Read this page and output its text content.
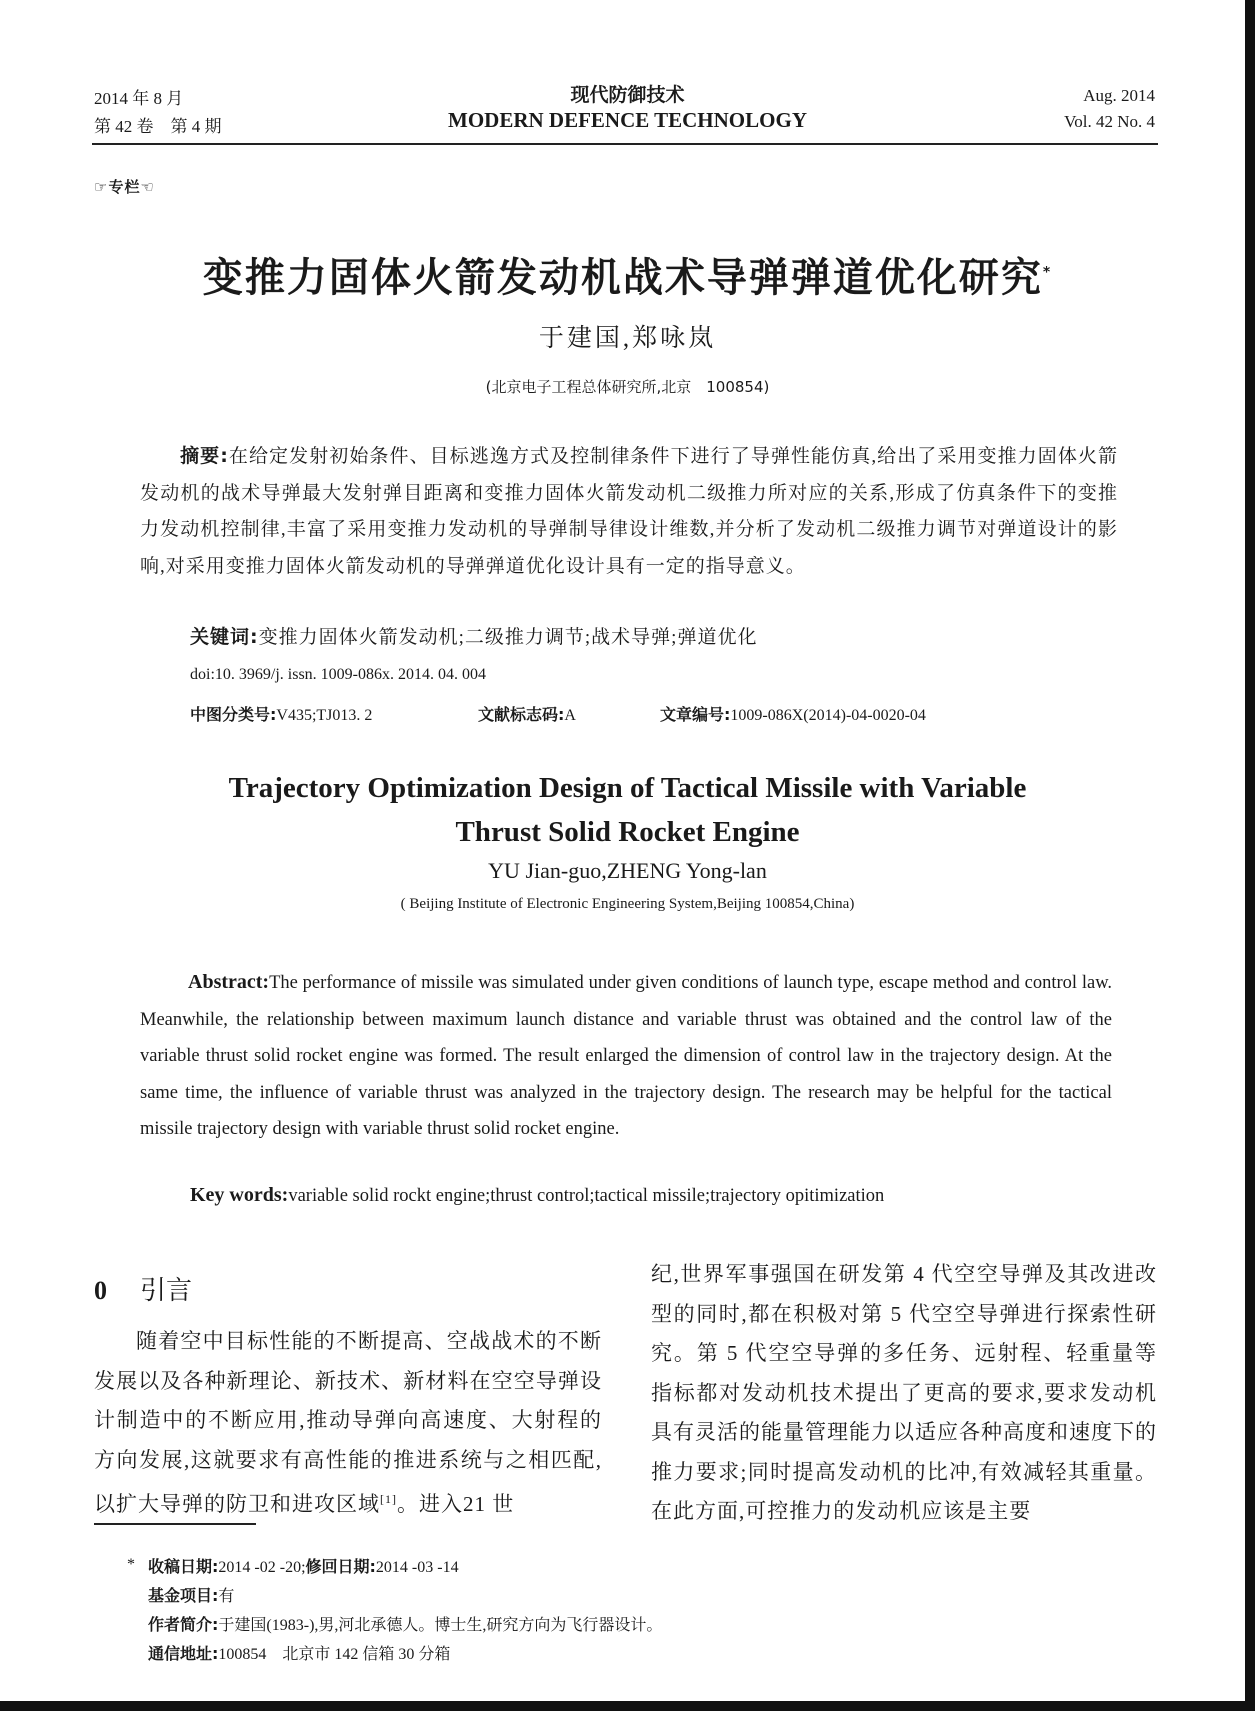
2014 年 8 月
第 42 卷　第 4 期
现代防御技术
MODERN DEFENCE TECHNOLOGY
Aug. 2014
Vol. 42 No. 4
☞专栏☜
变推力固体火箭发动机战术导弹弹道优化研究*
于建国,郑咏岚
(北京电子工程总体研究所,北京　100854)
摘要:在给定发射初始条件、目标逃逸方式及控制律条件下进行了导弹性能仿真,给出了采用变推力固体火箭发动机的战术导弹最大发射弹目距离和变推力固体火箭发动机二级推力所对应的关系,形成了仿真条件下的变推力发动机控制律,丰富了采用变推力发动机的导弹制导律设计维数,并分析了发动机二级推力调节对弹道设计的影响,对采用变推力固体火箭发动机的导弹弹道优化设计具有一定的指导意义。
关键词:变推力固体火箭发动机;二级推力调节;战术导弹;弹道优化
doi:10. 3969/j. issn. 1009-086x. 2014. 04. 004
中图分类号:V435;TJ013. 2	文献标志码:A	文章编号:1009-086X(2014)-04-0020-04
Trajectory Optimization Design of Tactical Missile with Variable
Thrust Solid Rocket Engine
YU Jian-guo,ZHENG Yong-lan
( Beijing Institute of Electronic Engineering System,Beijing 100854,China)
Abstract:The performance of missile was simulated under given conditions of launch type, escape method and control law. Meanwhile, the relationship between maximum launch distance and variable thrust was obtained and the control law of the variable thrust solid rocket engine was formed. The result enlarged the dimension of control law in the trajectory design. At the same time, the influence of variable thrust was analyzed in the trajectory design. The research may be helpful for the tactical missile trajectory design with variable thrust solid rocket engine.
Key words:variable solid rockt engine;thrust control;tactical missile;trajectory opitimization
0 引言
随着空中目标性能的不断提高、空战战术的不断发展以及各种新理论、新技术、新材料在空空导弹设计制造中的不断应用,推动导弹向高速度、大射程的方向发展,这就要求有高性能的推进系统与之相匹配,以扩大导弹的防卫和进攻区域[1]。进入21 世
纪,世界军事强国在研发第 4 代空空导弹及其改进改型的同时,都在积极对第 5 代空空导弹进行探索性研究。第 5 代空空导弹的多任务、远射程、轻重量等指标都对发动机技术提出了更高的要求,要求发动机具有灵活的能量管理能力以适应各种高度和速度下的推力要求;同时提高发动机的比冲,有效减轻其重量。在此方面,可控推力的发动机应该是主要
* 收稿日期:2014 -02 -20;修回日期:2014 -03 -14
基金项目:有
作者简介:于建国(1983-),男,河北承德人。博士生,研究方向为飞行器设计。
通信地址:100854　北京市 142 信箱 30 分箱
